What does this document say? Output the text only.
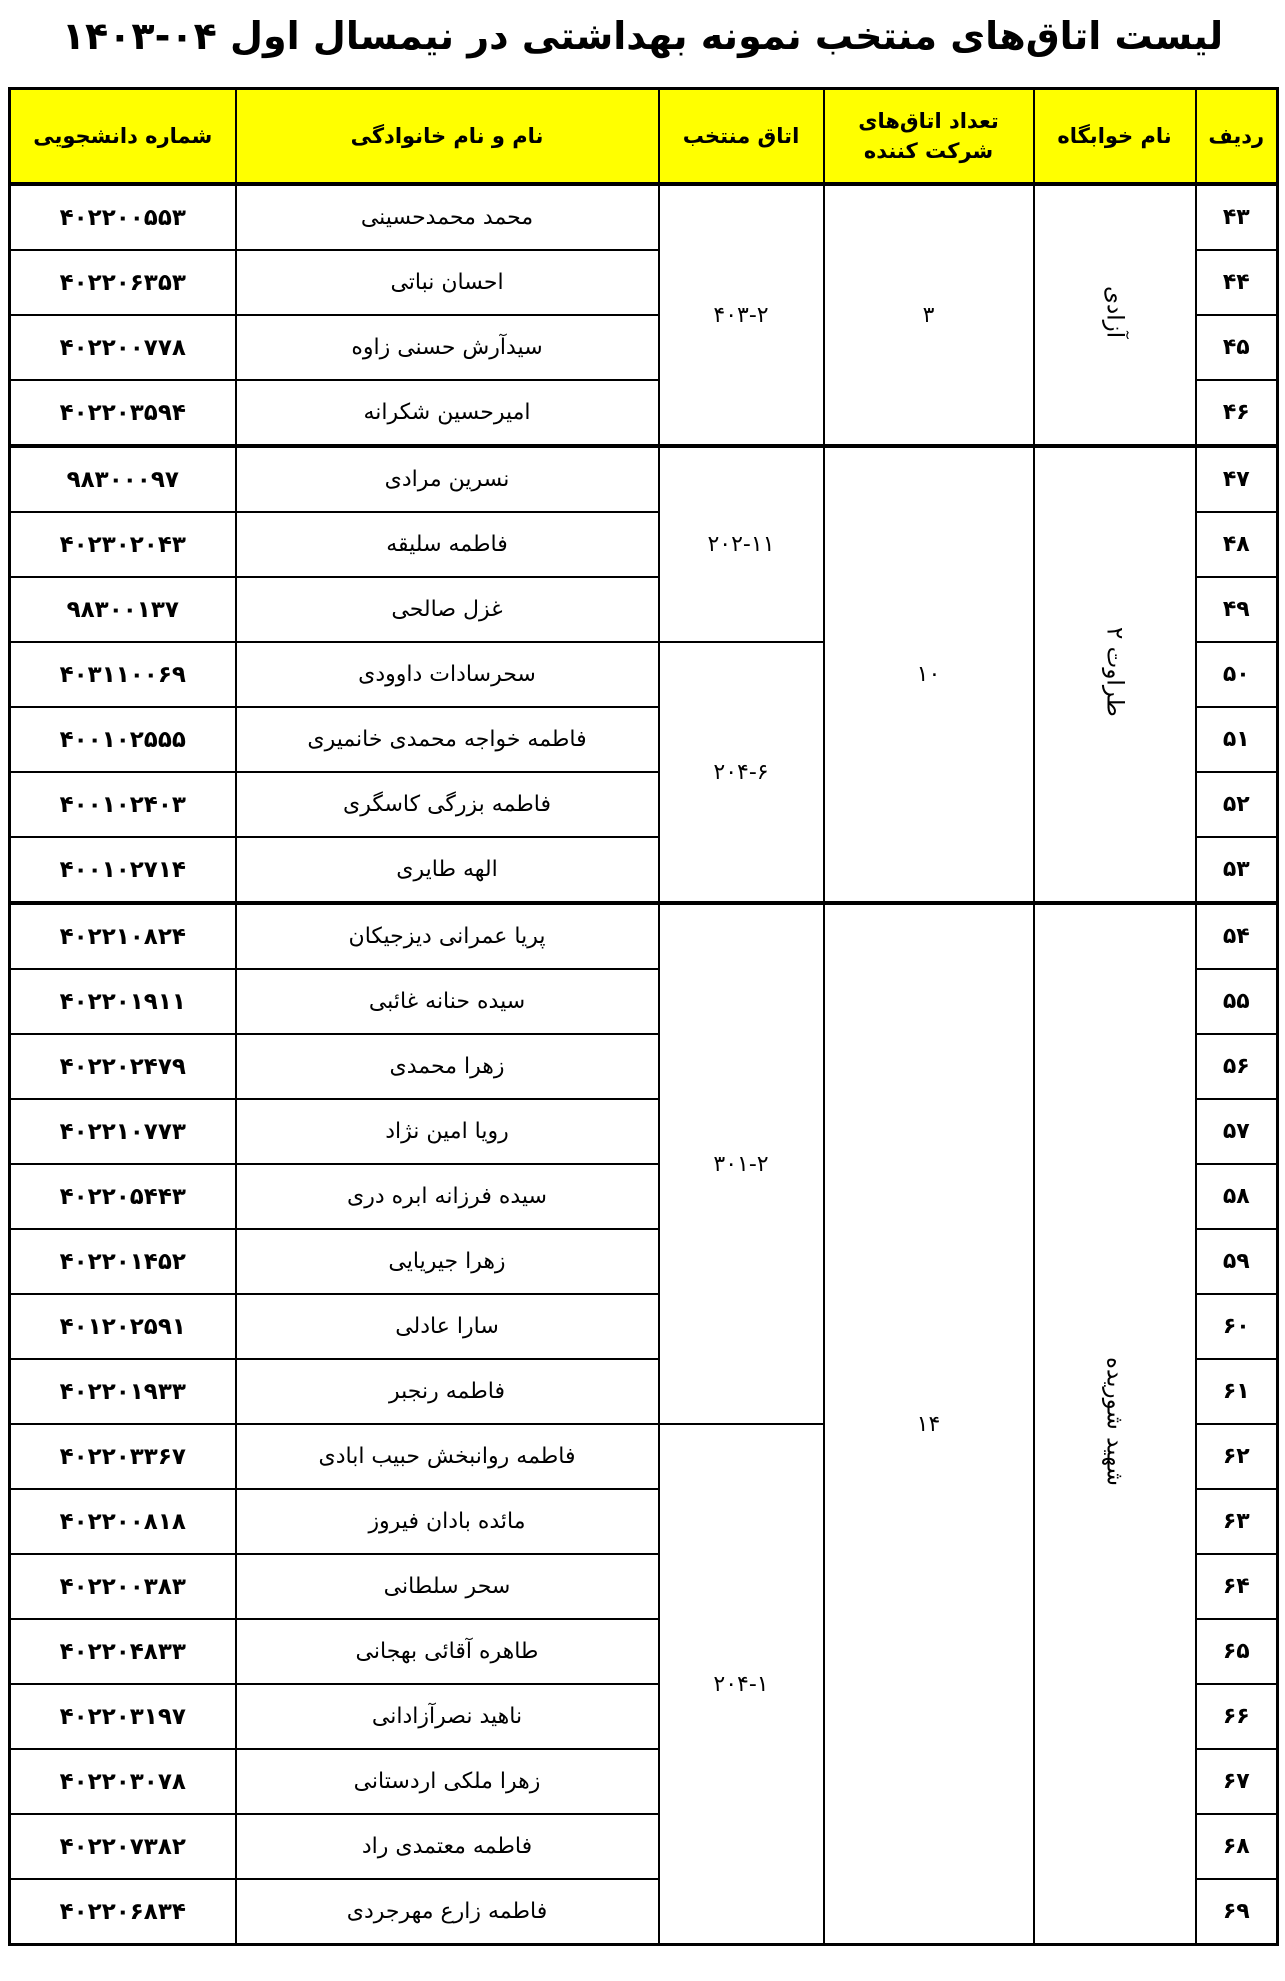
لیست اتاق‌های منتخب نمونه بهداشتی در نیمسال اول ۰۴-۱۴۰۳
ردیف	نام خوابگاه	تعداد اتاق‌های شرکت کننده	اتاق منتخب	نام و نام خانوادگی	شماره دانشجویی
۴۳	آزادی	۳	۴۰۳-۲	محمد محمدحسینی	۴۰۲۲۰۰۵۵۳
۴۴				احسان نباتی	۴۰۲۲۰۶۳۵۳
۴۵				سیدآرش حسنی زاوه	۴۰۲۲۰۰۷۷۸
۴۶				امیرحسین شکرانه	۴۰۲۲۰۳۵۹۴
۴۷	طراوت ۲	۱۰	۲۰۲-۱۱	نسرین مرادی	۹۸۳۰۰۰۹۷
۴۸				فاطمه سلیقه	۴۰۲۳۰۲۰۴۳
۴۹				غزل صالحی	۹۸۳۰۰۱۳۷
۵۰			۲۰۴-۶	سحرسادات داوودی	۴۰۳۱۱۰۰۶۹
۵۱				فاطمه خواجه محمدی خانمیری	۴۰۰۱۰۲۵۵۵
۵۲				فاطمه بزرگی کاسگری	۴۰۰۱۰۲۴۰۳
۵۳				الهه طایری	۴۰۰۱۰۲۷۱۴
۵۴	شهید شوریده	۱۴	۳۰۱-۲	پریا عمرانی دیزجیکان	۴۰۲۲۱۰۸۲۴
۵۵				سیده حنانه غائبی	۴۰۲۲۰۱۹۱۱
۵۶				زهرا محمدی	۴۰۲۲۰۲۴۷۹
۵۷				رویا امین نژاد	۴۰۲۲۱۰۷۷۳
۵۸				سیده فرزانه ابره دری	۴۰۲۲۰۵۴۴۳
۵۹				زهرا جیریایی	۴۰۲۲۰۱۴۵۲
۶۰				سارا عادلی	۴۰۱۲۰۲۵۹۱
۶۱				فاطمه رنجبر	۴۰۲۲۰۱۹۳۳
۶۲			۲۰۴-۱	فاطمه روانبخش حبیب ابادی	۴۰۲۲۰۳۳۶۷
۶۳				مائده بادان فیروز	۴۰۲۲۰۰۸۱۸
۶۴				سحر سلطانی	۴۰۲۲۰۰۳۸۳
۶۵				طاهره آقائی بهجانی	۴۰۲۲۰۴۸۳۳
۶۶				ناهید نصرآزادانی	۴۰۲۲۰۳۱۹۷
۶۷				زهرا ملکی اردستانی	۴۰۲۲۰۳۰۷۸
۶۸				فاطمه معتمدی راد	۴۰۲۲۰۷۳۸۲
۶۹				فاطمه زارع مهرجردی	۴۰۲۲۰۶۸۳۴
